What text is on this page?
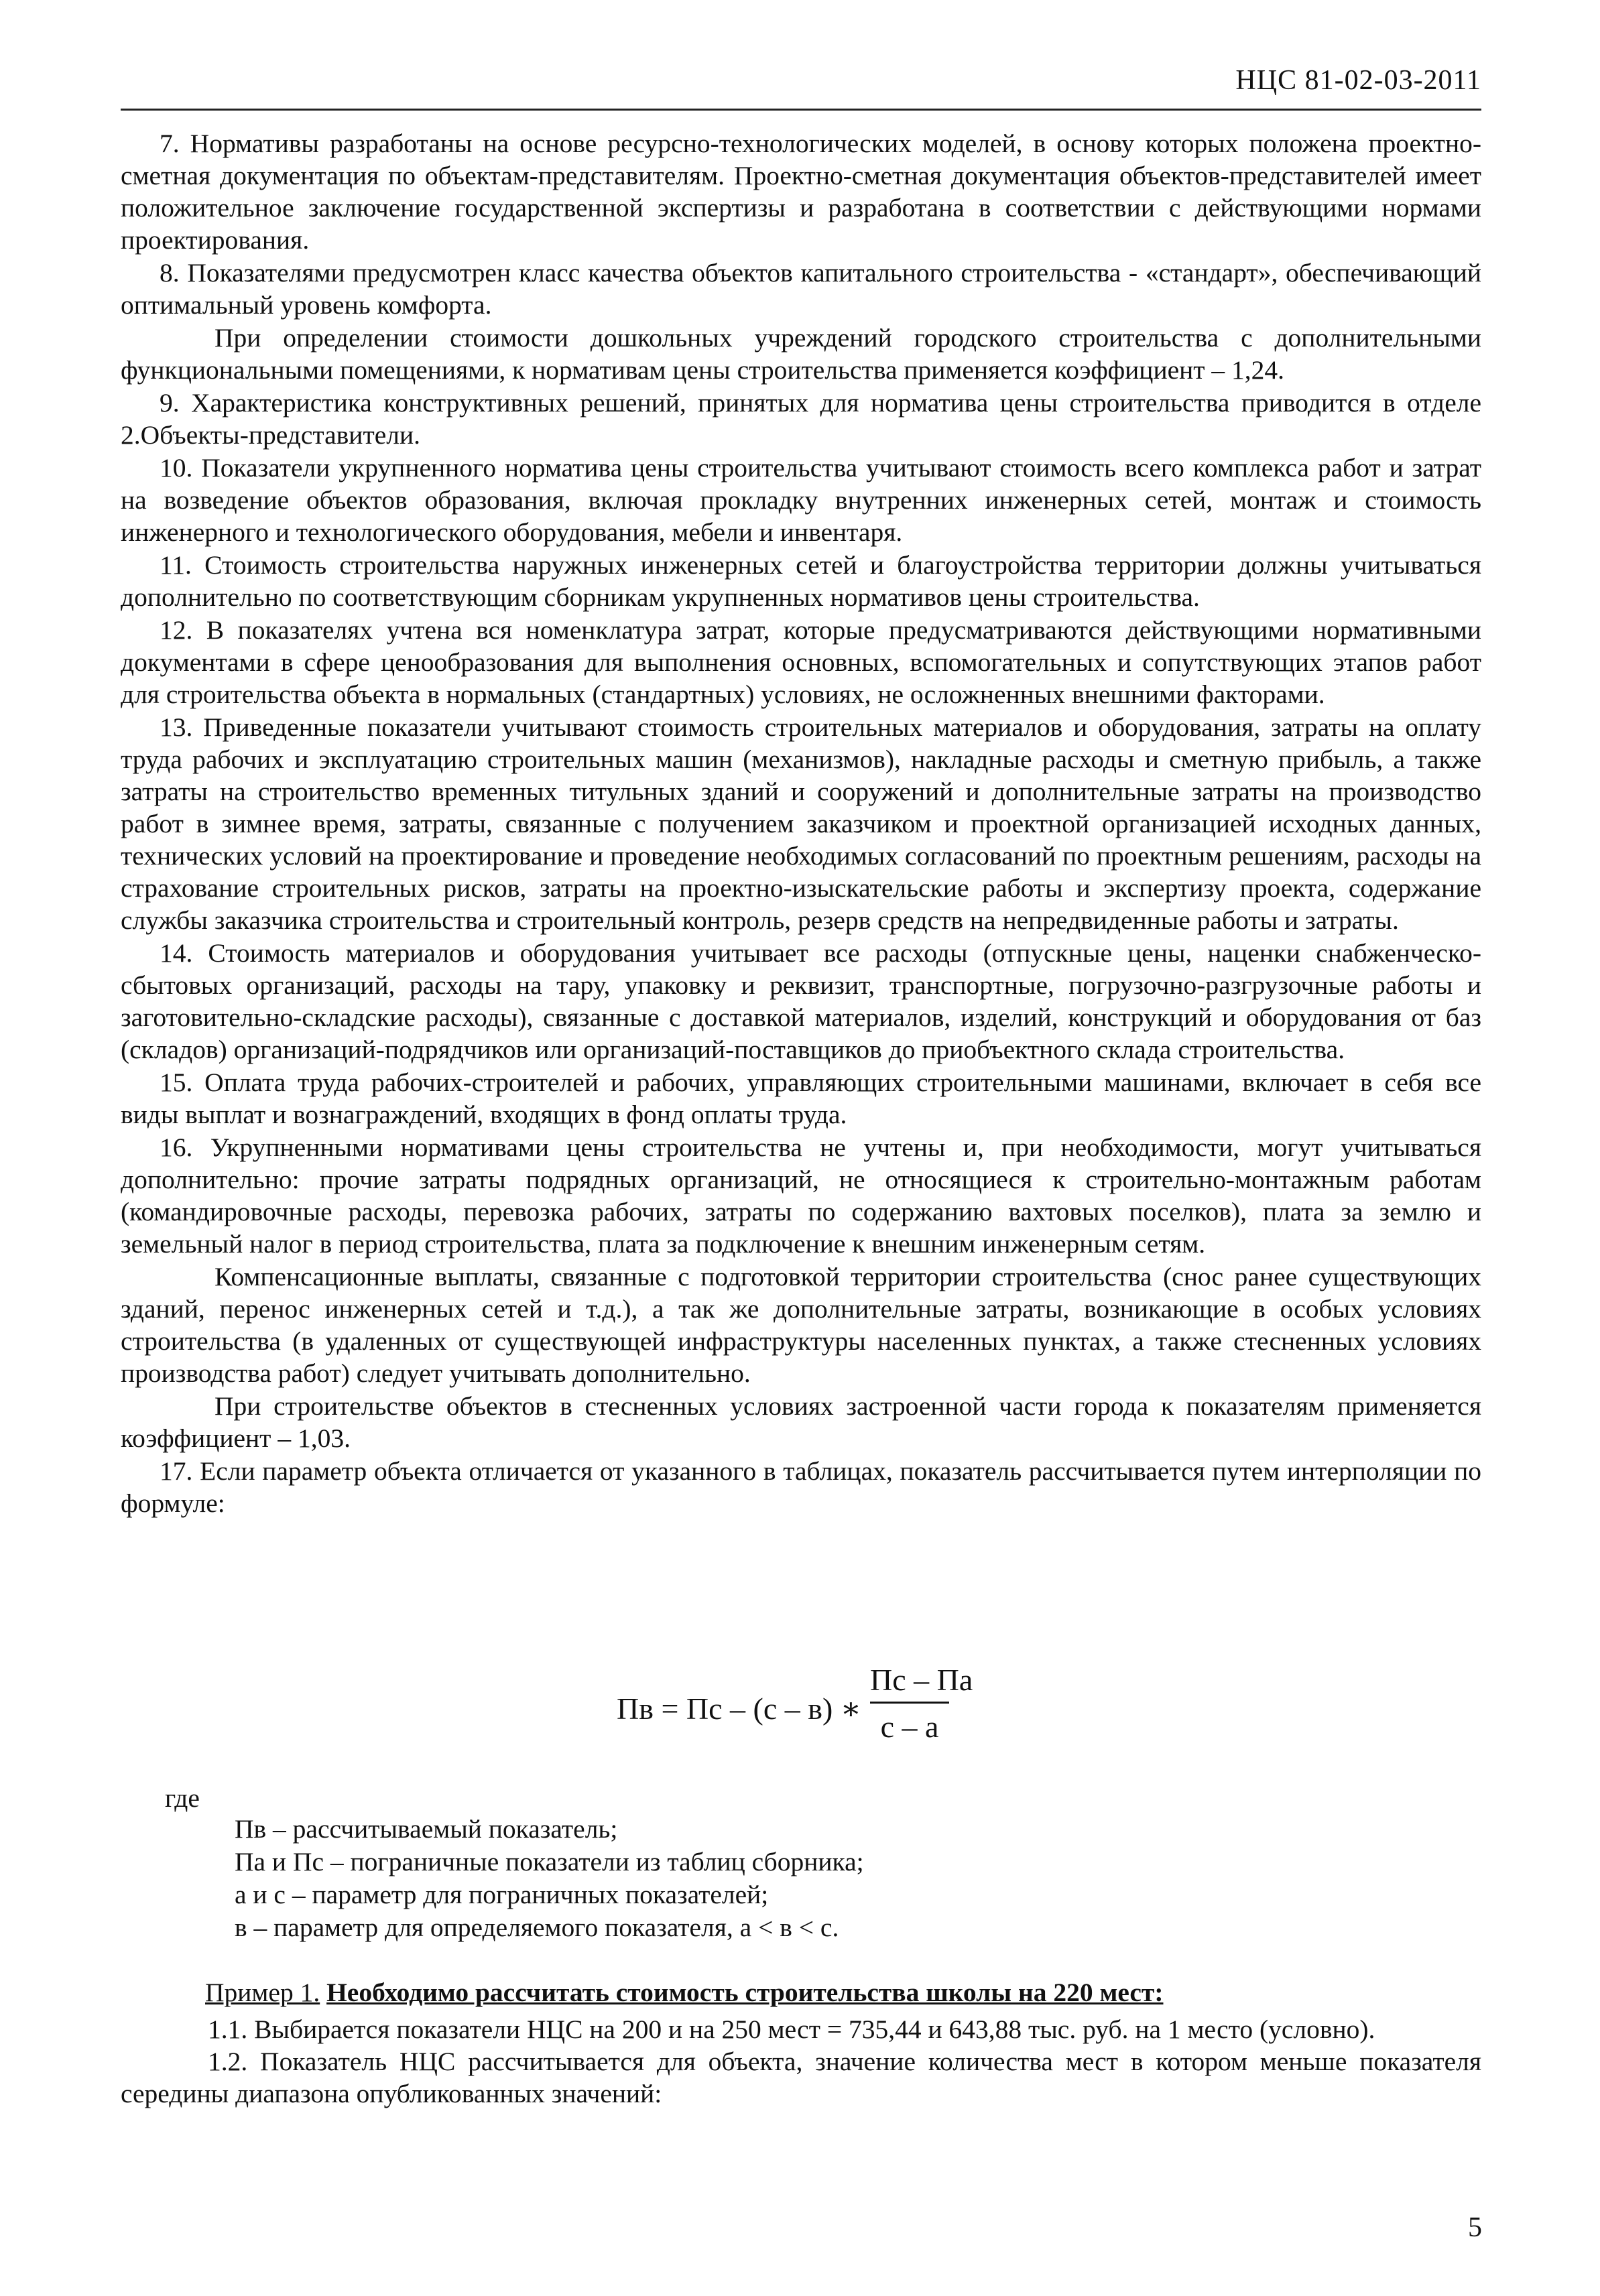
НЦС 81-02-03-2011

7. Нормативы разработаны на основе ресурсно-технологических моделей, в основу которых положена проектно-сметная документация по объектам-представителям. Проектно-сметная документация объектов-представителей имеет положительное заключение государственной экспертизы и разработана в соответствии с действующими нормами проектирования.

8. Показателями предусмотрен класс качества объектов капитального строительства - «стандарт», обеспечивающий оптимальный уровень комфорта.

При определении стоимости дошкольных учреждений городского строительства с дополнительными функциональными помещениями, к нормативам цены строительства применяется коэффициент – 1,24.

9. Характеристика конструктивных решений, принятых для норматива цены строительства приводится в отделе 2.Объекты-представители.

10. Показатели укрупненного норматива цены строительства учитывают стоимость всего комплекса работ и затрат на возведение объектов образования, включая прокладку внутренних инженерных сетей, монтаж и стоимость инженерного и технологического оборудования, мебели и инвентаря.

11. Стоимость строительства наружных инженерных сетей и благоустройства территории должны учитываться дополнительно по соответствующим сборникам укрупненных нормативов цены строительства.

12. В показателях учтена вся номенклатура затрат, которые предусматриваются действующими нормативными документами в сфере ценообразования для выполнения основных, вспомогательных и сопутствующих этапов работ для строительства объекта в нормальных (стандартных) условиях, не осложненных внешними факторами.

13. Приведенные показатели учитывают стоимость строительных материалов и оборудования, затраты на оплату труда рабочих и эксплуатацию строительных машин (механизмов), накладные расходы и сметную прибыль, а также затраты на строительство временных титульных зданий и сооружений и дополнительные затраты на производство работ в зимнее время, затраты, связанные с получением заказчиком и проектной организацией исходных данных, технических условий на проектирование и проведение необходимых согласований по проектным решениям, расходы на страхование строительных рисков, затраты на проектно-изыскательские работы и экспертизу проекта, содержание службы заказчика строительства и строительный контроль, резерв средств на непредвиденные работы и затраты.

14. Стоимость материалов и оборудования учитывает все расходы (отпускные цены, наценки снабженческо-сбытовых организаций, расходы на тару, упаковку и реквизит, транспортные, погрузочно-разгрузочные работы и заготовительно-складские расходы), связанные с доставкой материалов, изделий, конструкций и оборудования от баз (складов) организаций-подрядчиков или организаций-поставщиков до приобъектного склада строительства.

15. Оплата труда рабочих-строителей и рабочих, управляющих строительными машинами, включает в себя все виды выплат и вознаграждений, входящих в фонд оплаты труда.

16. Укрупненными нормативами цены строительства не учтены и, при необходимости, могут учитываться дополнительно: прочие затраты подрядных организаций, не относящиеся к строительно-монтажным работам (командировочные расходы, перевозка рабочих, затраты по содержанию вахтовых поселков), плата за землю и земельный налог в период строительства, плата за подключение к внешним инженерным сетям.

Компенсационные выплаты, связанные с подготовкой территории строительства (снос ранее существующих зданий, перенос инженерных сетей и т.д.), а так же дополнительные затраты, возникающие в особых условиях строительства (в удаленных от существующей инфраструктуры населенных пунктах, а также стесненных условиях производства работ) следует учитывать дополнительно.

При строительстве объектов в стесненных условиях застроенной части города к показателям применяется коэффициент – 1,03.

17. Если параметр объекта отличается от указанного в таблицах, показатель рассчитывается путем интерполяции по формуле:

Пв = Пс – (с – в) ∗
Пс – Па
с – а
где
Пв – рассчитываемый показатель;
Па и Пс – пограничные показатели из таблиц сборника;
а и с – параметр для пограничных показателей;
в – параметр для определяемого показателя, а < в < с.
Пример 1. Необходимо рассчитать стоимость строительства школы на 220 мест:

1.1. Выбирается показатели НЦС на 200 и на 250 мест = 735,44 и 643,88 тыс. руб. на 1 место (условно).

1.2. Показатель НЦС рассчитывается для объекта, значение количества мест в котором меньше показателя середины диапазона опубликованных значений:

5
